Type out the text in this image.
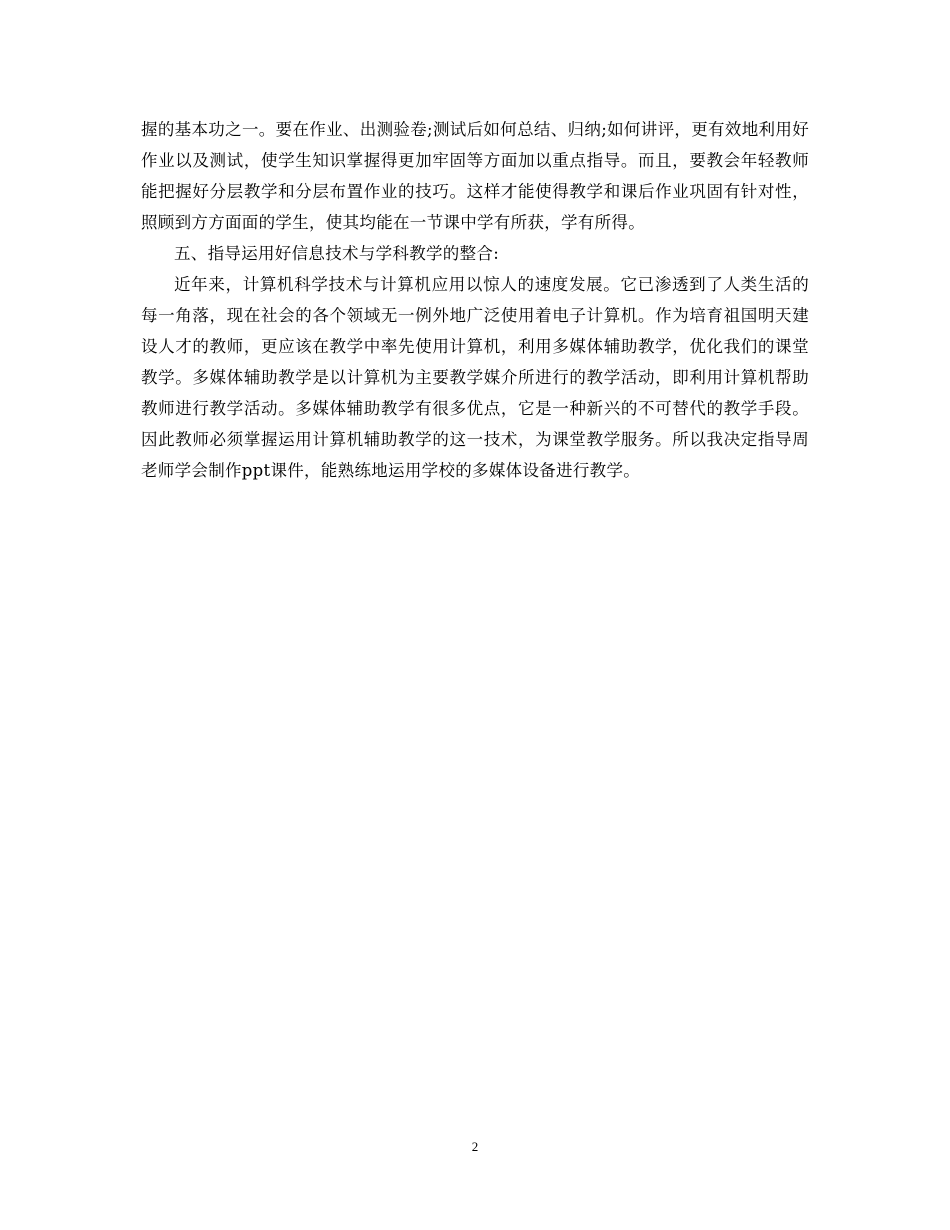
握的基本功之一。要在作业、出测验卷;测试后如何总结、归纳;如何讲评，更有效地利用好作业以及测试，使学生知识掌握得更加牢固等方面加以重点指导。而且，要教会年轻教师能把握好分层教学和分层布置作业的技巧。这样才能使得教学和课后作业巩固有针对性，照顾到方方面面的学生，使其均能在一节课中学有所获，学有所得。

五、指导运用好信息技术与学科教学的整合:

近年来，计算机科学技术与计算机应用以惊人的速度发展。它已渗透到了人类生活的每一角落，现在社会的各个领域无一例外地广泛使用着电子计算机。作为培育祖国明天建设人才的教师，更应该在教学中率先使用计算机，利用多媒体辅助教学，优化我们的课堂教学。多媒体辅助教学是以计算机为主要教学媒介所进行的教学活动，即利用计算机帮助教师进行教学活动。多媒体辅助教学有很多优点，它是一种新兴的不可替代的教学手段。因此教师必须掌握运用计算机辅助教学的这一技术，为课堂教学服务。所以我决定指导周老师学会制作ppt课件，能熟练地运用学校的多媒体设备进行教学。

2
